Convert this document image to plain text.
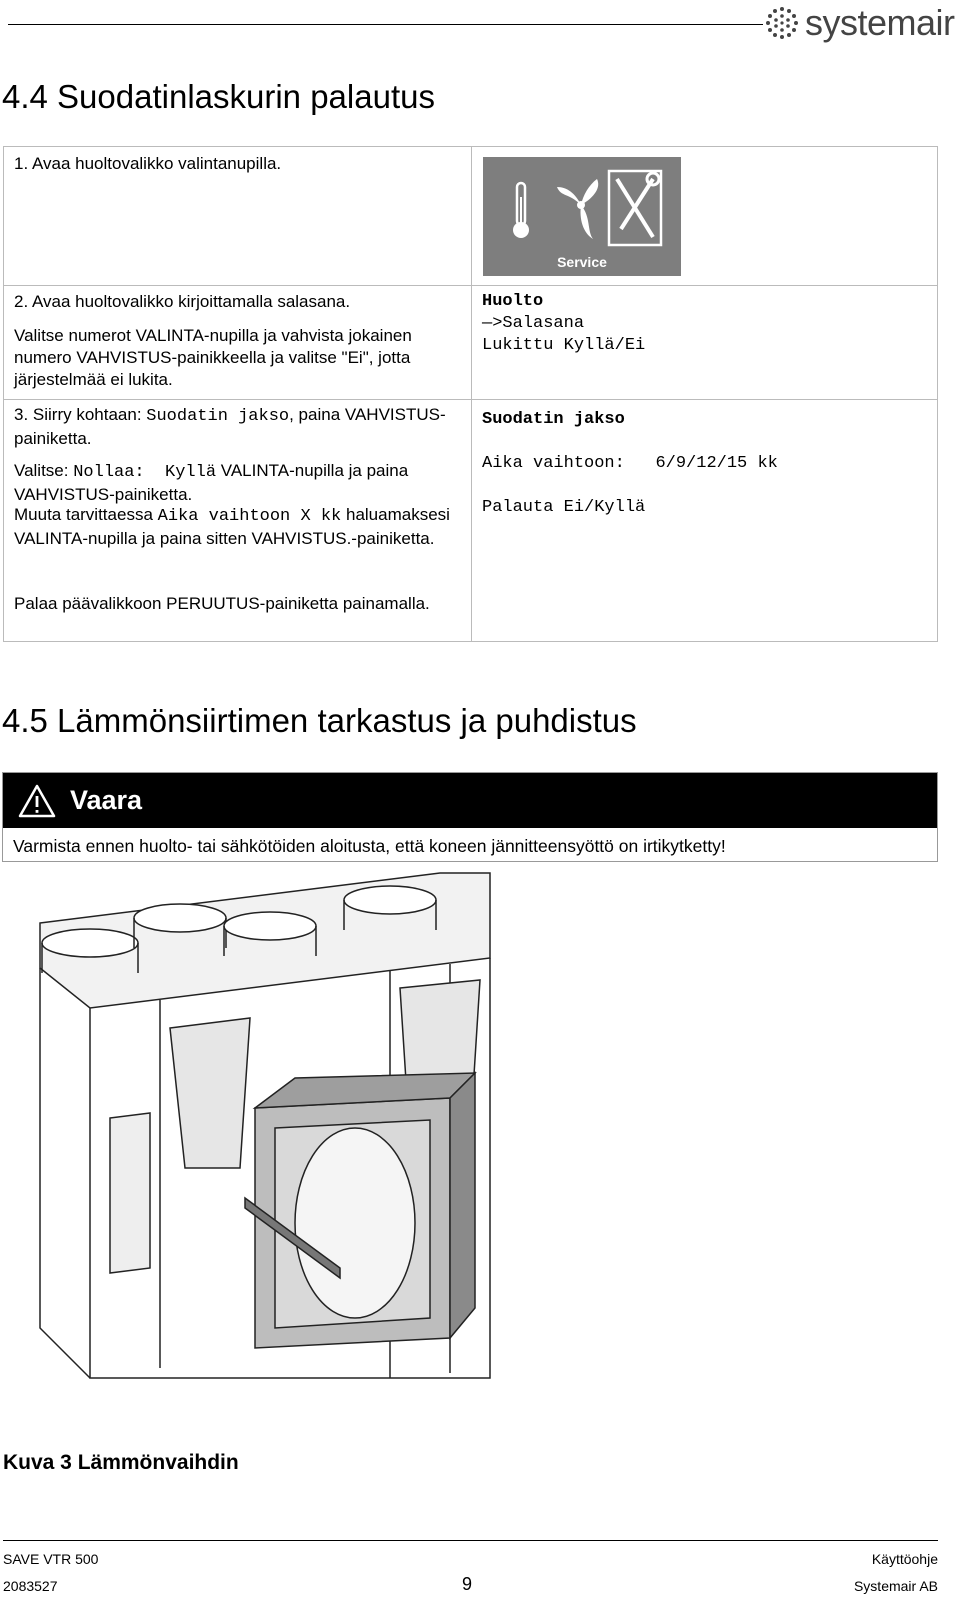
systemair
4.4 Suodatinlaskurin palautus
1. Avaa huoltovalikko valintanupilla.
Service
2. Avaa huoltovalikko kirjoittamalla salasana.
Valitse numerot VALINTA-nupilla ja vahvista jokainen numero VAHVISTUS-painikkeella ja valitse "Ei", jotta järjestelmää ei lukita.
Huolto
—>Salasana
Lukittu Kyllä/Ei
3. Siirry kohtaan: Suodatin jakso, paina VAHVISTUS-painiketta.
Valitse: Nollaa:  Kyllä VALINTA-nupilla ja paina VAHVISTUS-painiketta.
Muuta tarvittaessa Aika vaihtoon X kk haluamaksesi VALINTA-nupilla ja paina sitten VAHVISTUS.-painiketta.
Palaa päävalikkoon PERUUTUS-painiketta painamalla.
Suodatin jakso
Aika vaihtoon: 6/9/12/15 kk
Palauta Ei/Kyllä
4.5 Lämmönsiirtimen tarkastus ja puhdistus
Vaara
Varmista ennen huolto- tai sähkötöiden aloitusta, että koneen jännitteensyöttö on irtikytketty!
Kuva 3 Lämmönvaihdin
SAVE VTR 500
2083527	9
Käyttöohje
Systemair AB
